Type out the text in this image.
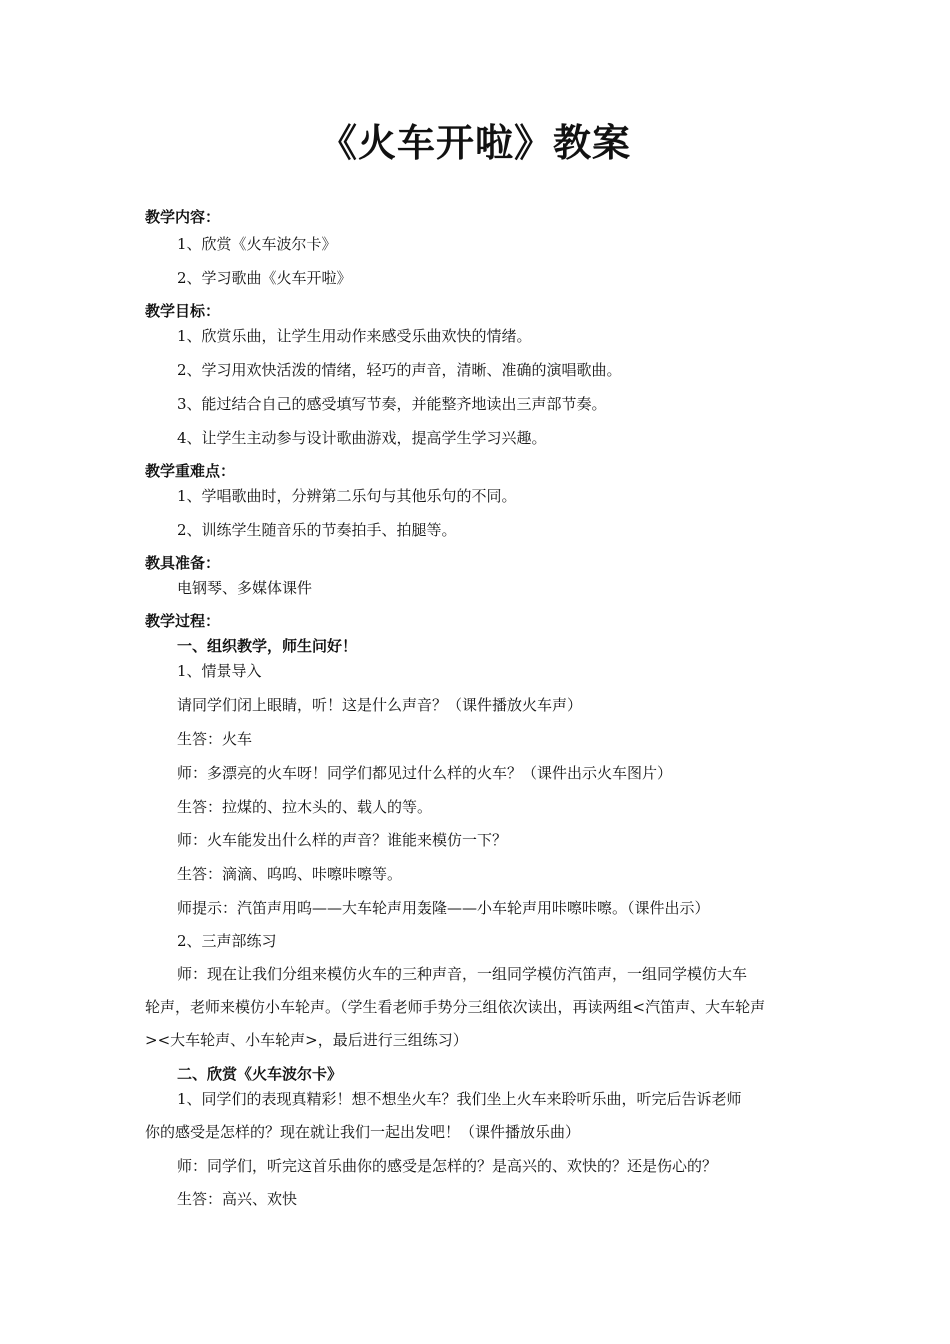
《火车开啦》教案
教学内容：
1、欣赏《火车波尔卡》
2、学习歌曲《火车开啦》
教学目标：
1、欣赏乐曲，让学生用动作来感受乐曲欢快的情绪。
2、学习用欢快活泼的情绪，轻巧的声音，清晰、准确的演唱歌曲。
3、能过结合自己的感受填写节奏，并能整齐地读出三声部节奏。
4、让学生主动参与设计歌曲游戏，提高学生学习兴趣。
教学重难点：
1、学唱歌曲时，分辨第二乐句与其他乐句的不同。
2、训练学生随音乐的节奏拍手、拍腿等。
教具准备：
电钢琴、多媒体课件
教学过程：
一、组织教学，师生问好！
1、情景导入
请同学们闭上眼睛，听！这是什么声音？（课件播放火车声）
生答：火车
师：多漂亮的火车呀！同学们都见过什么样的火车？（课件出示火车图片）
生答：拉煤的、拉木头的、载人的等。
师：火车能发出什么样的声音？谁能来模仿一下？
生答：滴滴、呜呜、咔嚓咔嚓等。
师提示：汽笛声用呜——大车轮声用轰隆——小车轮声用咔嚓咔嚓。（课件出示）
2、三声部练习
师：现在让我们分组来模仿火车的三种声音，一组同学模仿汽笛声，一组同学模仿大车
轮声，老师来模仿小车轮声。（学生看老师手势分三组依次读出，再读两组<汽笛声、大车轮声
><大车轮声、小车轮声>，最后进行三组练习）
二、欣赏《火车波尔卡》
1、同学们的表现真精彩！想不想坐火车？我们坐上火车来聆听乐曲，听完后告诉老师
你的感受是怎样的？现在就让我们一起出发吧！（课件播放乐曲）
师：同学们，听完这首乐曲你的感受是怎样的？是高兴的、欢快的？还是伤心的？
生答：高兴、欢快
